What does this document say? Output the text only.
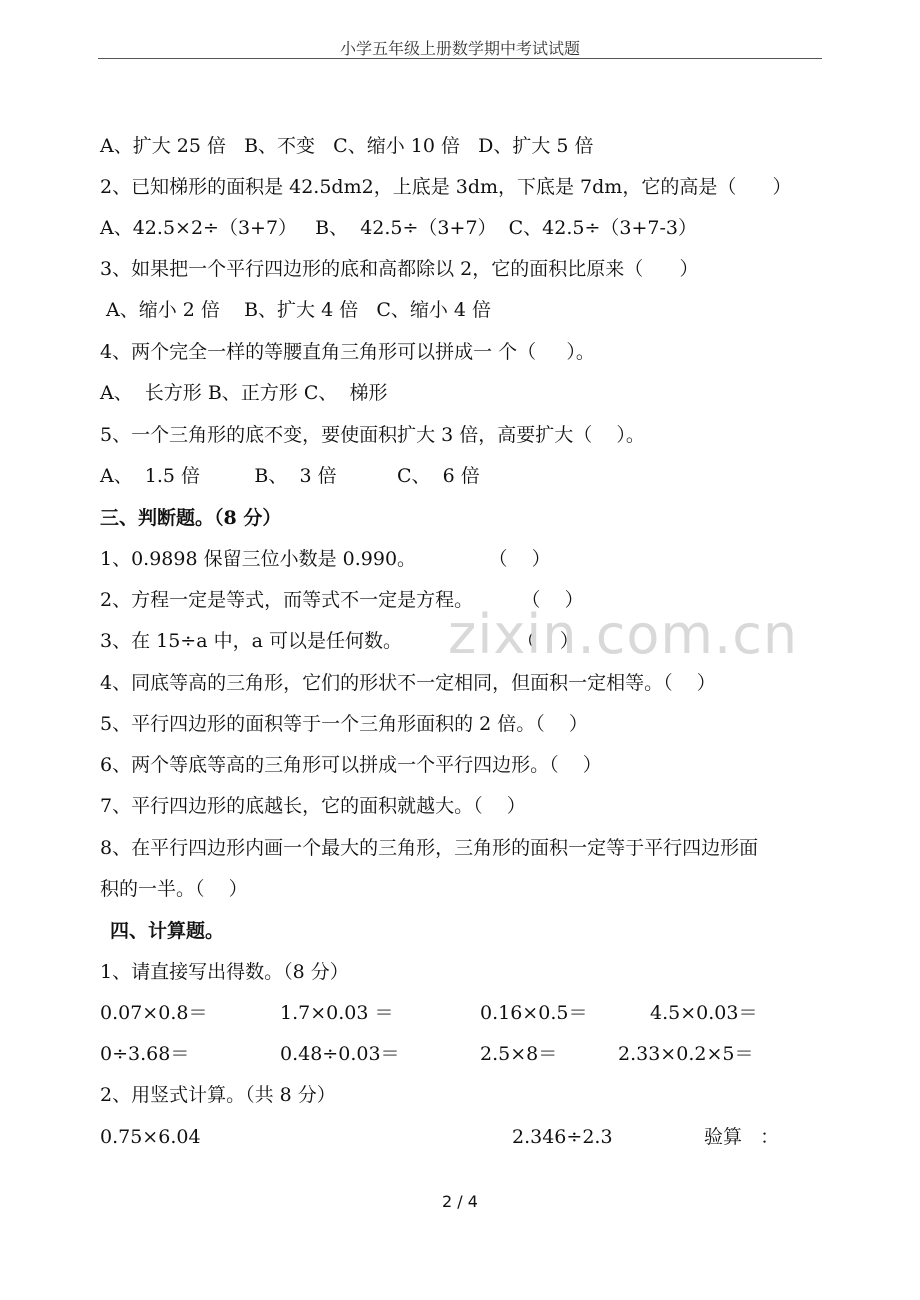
小学五年级上册数学期中考试试题
A、扩大 25 倍   B、不变   C、缩小 10 倍   D、扩大 5 倍
2、已知梯形的面积是 42.5dm2，上底是 3dm，下底是 7dm，它的高是（      ）
A、42.5×2÷（3+7）   B、  42.5÷（3+7）  C、42.5÷（3+7-3）
3、如果把一个平行四边形的底和高都除以 2，它的面积比原来（      ）
A、缩小 2 倍    B、扩大 4 倍   C、缩小 4 倍
4、两个完全一样的等腰直角三角形可以拼成一 个（     ）。
A、  长方形 B、正方形 C、  梯形
5、一个三角形的底不变，要使面积扩大 3 倍，高要扩大（    ）。
A、  1.5 倍         B、  3 倍          C、  6 倍
三、判断题。（8 分）
1、0.9898 保留三位小数是 0.990。            （    ）
2、方程一定是等式，而等式不一定是方程。        （    ）
3、在 15÷a 中，a 可以是任何数。                   （    ）
4、同底等高的三角形，它们的形状不一定相同，但面积一定相等。（    ）
5、平行四边形的面积等于一个三角形面积的 2 倍。（    ）
6、两个等底等高的三角形可以拼成一个平行四边形。（    ）
7、平行四边形的底越长，它的面积就越大。（    ）
8、在平行四边形内画一个最大的三角形，三角形的面积一定等于平行四边形面
积的一半。（    ）
四、计算题。
1、请直接写出得数。（8 分）
0.07×0.8＝	1.7×0.03 ＝	0.16×0.5＝	4.5×0.03＝
0÷3.68＝	0.48÷0.03＝	2.5×8＝	2.33×0.2×5＝
2、用竖式计算。（共 8 分）
0.75×6.04	2.346÷2.3	验算   ：
zixin.com.cn
2 / 4
